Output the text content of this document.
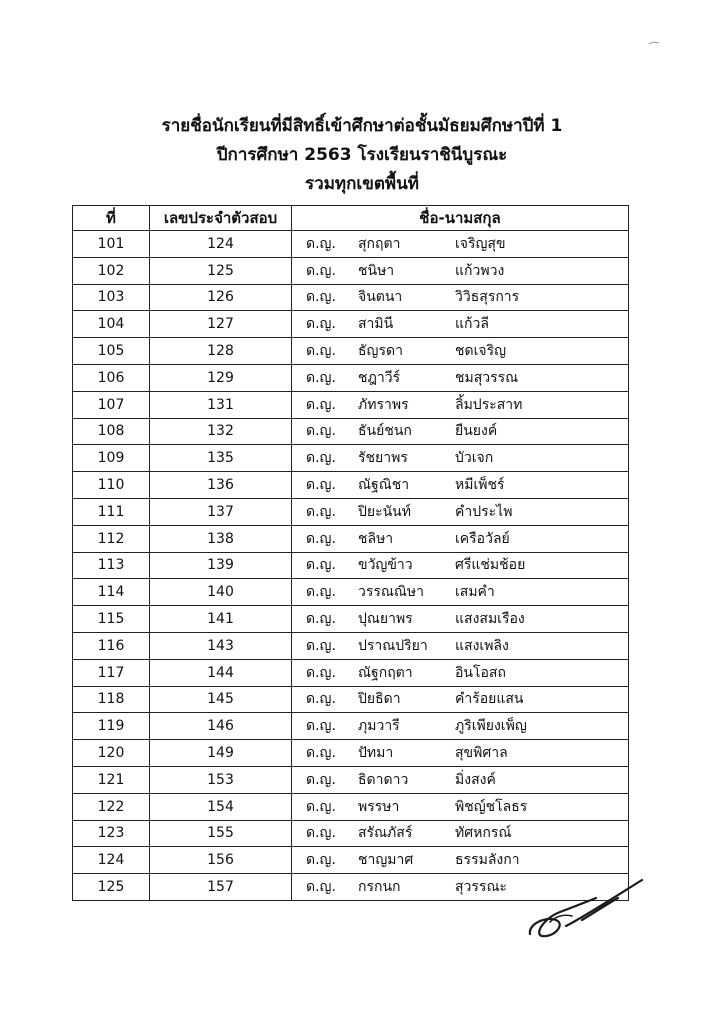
รายชื่อนักเรียนที่มีสิทธิ์เข้าศึกษาต่อชั้นมัธยมศึกษาปีที่ 1
ปีการศึกษา 2563 โรงเรียนราชินีบูรณะ
รวมทุกเขตพื้นที่
ที่	เลขประจำตัวสอบ	ชื่อ-นามสกุล
101	124	ด.ญ. สุกฤตา เจริญสุข
102	125	ด.ญ. ชนิษา แก้วพวง
103	126	ด.ญ. จินตนา วิวิธสุรการ
104	127	ด.ญ. สามินี แก้วลี
105	128	ด.ญ. ธัญรดา ชดเจริญ
106	129	ด.ญ. ชฎาวีร์ ชมสุวรรณ
107	131	ด.ญ. ภัทราพร ลิ้มประสาท
108	132	ด.ญ. ธันย์ชนก ยืนยงค์
109	135	ด.ญ. รัชยาพร บัวเจก
110	136	ด.ญ. ณัฐณิชา หมีเพ็ชร์
111	137	ด.ญ. ปิยะนันท์ คำประไพ
112	138	ด.ญ. ชลิษา เครือวัลย์
113	139	ด.ญ. ขวัญข้าว ศรีแช่มช้อย
114	140	ด.ญ. วรรณณิษา เสมคำ
115	141	ด.ญ. ปุณยาพร แสงสมเรือง
116	143	ด.ญ. ปราณปริยา แสงเพลิง
117	144	ด.ญ. ณัฐกฤตา อินโอสถ
118	145	ด.ญ. ปิยธิดา คำร้อยแสน
119	146	ด.ญ. ภุมวารี ภูริเพียงเพ็ญ
120	149	ด.ญ. ปัทมา สุขพิศาล
121	153	ด.ญ. ธิดาดาว มิ่งสงค์
122	154	ด.ญ. พรรษา พิชญ์ชโลธร
123	155	ด.ญ. สรัณภัสร์ ทัศหกรณ์
124	156	ด.ญ. ชาญมาศ ธรรมลังกา
125	157	ด.ญ. กรกนก สุวรรณะ
